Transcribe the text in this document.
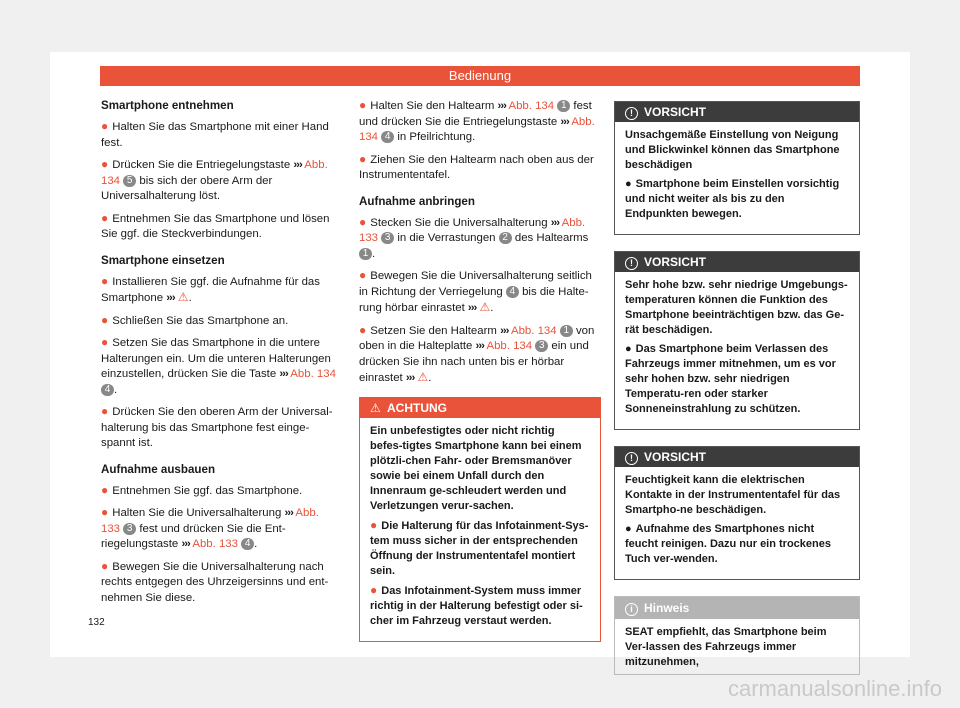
Bedienung
Smartphone entnehmen

● Halten Sie das Smartphone mit einer Hand fest.

● Drücken Sie die Entriegelungstaste ››› Abb. 134 5 bis sich der obere Arm der Universalhalterung löst.

● Entnehmen Sie das Smartphone und lösen Sie ggf. die Steckverbindungen.

Smartphone einsetzen

● Installieren Sie ggf. die Aufnahme für das Smartphone ››› ⚠.

● Schließen Sie das Smartphone an.

● Setzen Sie das Smartphone in die untere Halterungen ein. Um die unteren Halterungen einzustellen, drücken Sie die Taste ››› Abb. 134 4 .

● Drücken Sie den oberen Arm der Universal-halterung bis das Smartphone fest einge-spannt ist.

Aufnahme ausbauen

● Entnehmen Sie ggf. das Smartphone.

● Halten Sie die Universalhalterung ››› Abb. 133 3 fest und drücken Sie die Ent-riegelungstaste ››› Abb. 133 4 .

● Bewegen Sie die Universalhalterung nach rechts entgegen des Uhrzeigersinns und ent-nehmen Sie diese.

● Halten Sie den Haltearm ››› Abb. 134 1 fest und drücken Sie die Entriegelungstaste ››› Abb. 134 4 in Pfeilrichtung.

● Ziehen Sie den Haltearm nach oben aus der Instrumententafel.

Aufnahme anbringen

● Stecken Sie die Universalhalterung ››› Abb. 133 3 in die Verrastungen 2 des Haltearms 1 .

● Bewegen Sie die Universalhalterung seitlich in Richtung der Verriegelung 4 bis die Halte-rung hörbar einrastet ››› ⚠.

● Setzen Sie den Haltearm ››› Abb. 134 1 von oben in die Halteplatte ››› Abb. 134 3 ein und drücken Sie ihn nach unten bis er hörbar einrastet ››› ⚠.

⚠ ACHTUNG

Ein unbefestigtes oder nicht richtig befes-tigtes Smartphone kann bei einem plötzli-chen Fahr- oder Bremsmanöver sowie bei einem Unfall durch den Innenraum ge-schleudert werden und Verletzungen verur-sachen.

● Die Halterung für das Infotainment-Sys-tem muss sicher in der entsprechenden Öffnung der Instrumententafel montiert sein.

● Das Infotainment-System muss immer richtig in der Halterung befestigt oder si-cher im Fahrzeug verstaut werden.

! VORSICHT

Unsachgemäße Einstellung von Neigung und Blickwinkel können das Smartphone beschädigen

● Smartphone beim Einstellen vorsichtig und nicht weiter als bis zu den Endpunkten bewegen.

! VORSICHT

Sehr hohe bzw. sehr niedrige Umgebungs-temperaturen können die Funktion des Smartphone beeinträchtigen bzw. das Ge-rät beschädigen.

● Das Smartphone beim Verlassen des Fahrzeugs immer mitnehmen, um es vor sehr hohen bzw. sehr niedrigen Temperatu-ren oder starker Sonneneinstrahlung zu schützen.

! VORSICHT

Feuchtigkeit kann die elektrischen Kontakte in der Instrumententafel für das Smartpho-ne beschädigen.

● Aufnahme des Smartphones nicht feucht reinigen. Dazu nur ein trockenes Tuch ver-wenden.

i Hinweis

SEAT empfiehlt, das Smartphone beim Ver-lassen des Fahrzeugs immer mitzunehmen,

132
carmanualsonline.info
